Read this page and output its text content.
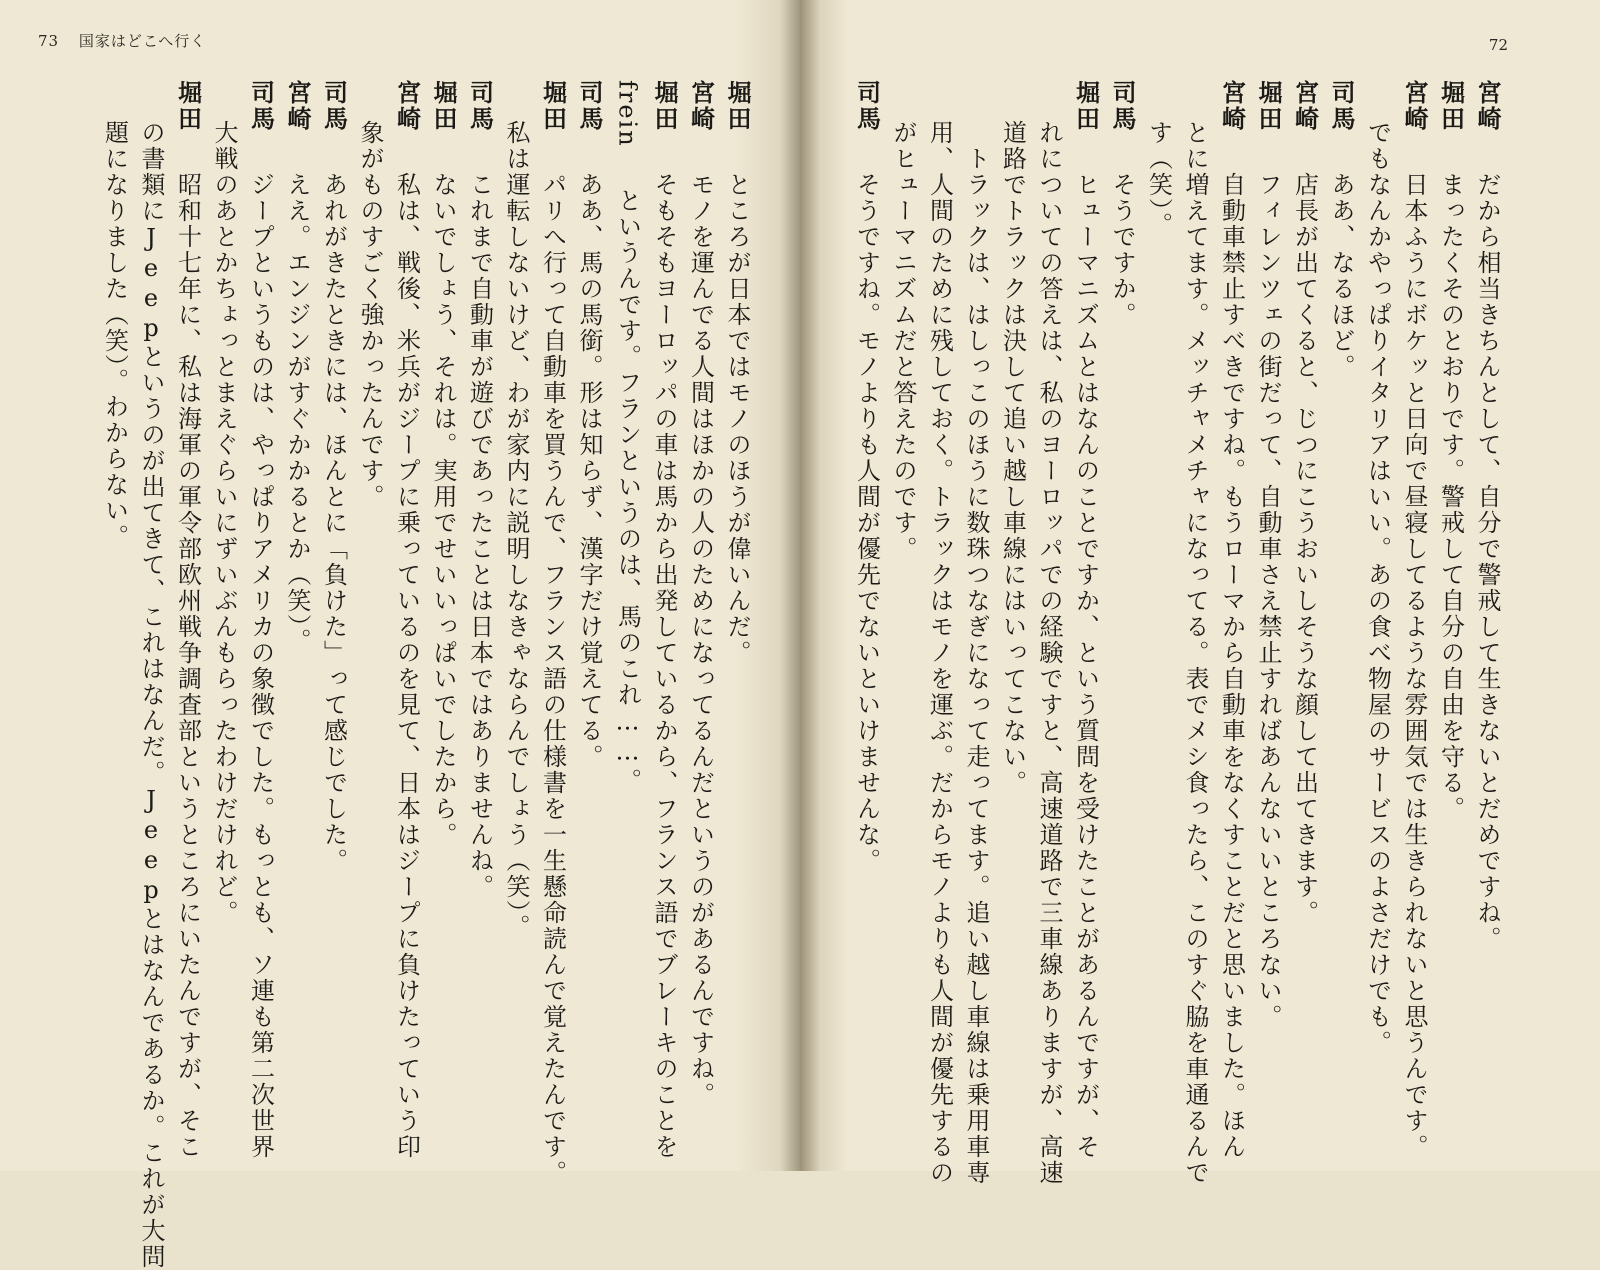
73 国家はどこへ行く
堀田ところが日本ではモノのほうが偉いんだ。
宮崎モノを運んでる人間はほかの人のためになってるんだというのがあるんですね。
堀田そもそもヨーロッパの車は馬から出発しているから、フランス語でブレーキのことを
freinというんです。フランというのは、馬のこれ……。
司馬ああ、馬の馬銜。形は知らず、漢字だけ覚えてる。
堀田パリへ行って自動車を買うんで、フランス語の仕様書を一生懸命読んで覚えたんです。
私は運転しないけど、わが家内に説明しなきゃならんでしょう（笑）。
司馬これまで自動車が遊びであったことは日本ではありませんね。
堀田ないでしょう、それは。実用でせいいっぱいでしたから。
宮崎私は、戦後、米兵がジープに乗っているのを見て、日本はジープに負けたっていう印
象がものすごく強かったんです。
司馬あれがきたときには、ほんとに「負けた」って感じでした。
宮崎ええ。エンジンがすぐかかるとか（笑）。
司馬ジープというものは、やっぱりアメリカの象徴でした。もっとも、ソ連も第二次世界
大戦のあとかちょっとまえぐらいにずいぶんもらったわけだけれど。
堀田昭和十七年に、私は海軍の軍令部欧州戦争調査部というところにいたんですが、そこ
の書類にJeepというのが出てきて、これはなんだ。Jeepとはなんであるか。これが大問
題になりました（笑）。わからない。
72
宮崎だから相当きちんとして、自分で警戒して生きないとだめですね。
堀田まったくそのとおりです。警戒して自分の自由を守る。
宮崎日本ふうにボケッと日向で昼寝してるような雰囲気では生きられないと思うんです。
でもなんかやっぱりイタリアはいい。あの食べ物屋のサービスのよさだけでも。
司馬ああ、なるほど。
宮崎店長が出てくると、じつにこうおいしそうな顔して出てきます。
堀田フィレンツェの街だって、自動車さえ禁止すればあんないいところない。
宮崎自動車禁止すべきですね。もうローマから自動車をなくすことだと思いました。ほん
とに増えてます。メッチャメチャになってる。表でメシ食ったら、このすぐ脇を車通るんで
す（笑）。
司馬そうですか。
堀田ヒューマニズムとはなんのことですか、という質問を受けたことがあるんですが、そ
れについての答えは、私のヨーロッパでの経験ですと、高速道路で三車線ありますが、高速
道路でトラックは決して追い越し車線にはいってこない。
　トラックは、はしっこのほうに数珠つなぎになって走ってます。追い越し車線は乗用車専
用、人間のために残しておく。トラックはモノを運ぶ。だからモノよりも人間が優先するの
がヒューマニズムだと答えたのです。
司馬そうですね。モノよりも人間が優先でないといけませんな。
